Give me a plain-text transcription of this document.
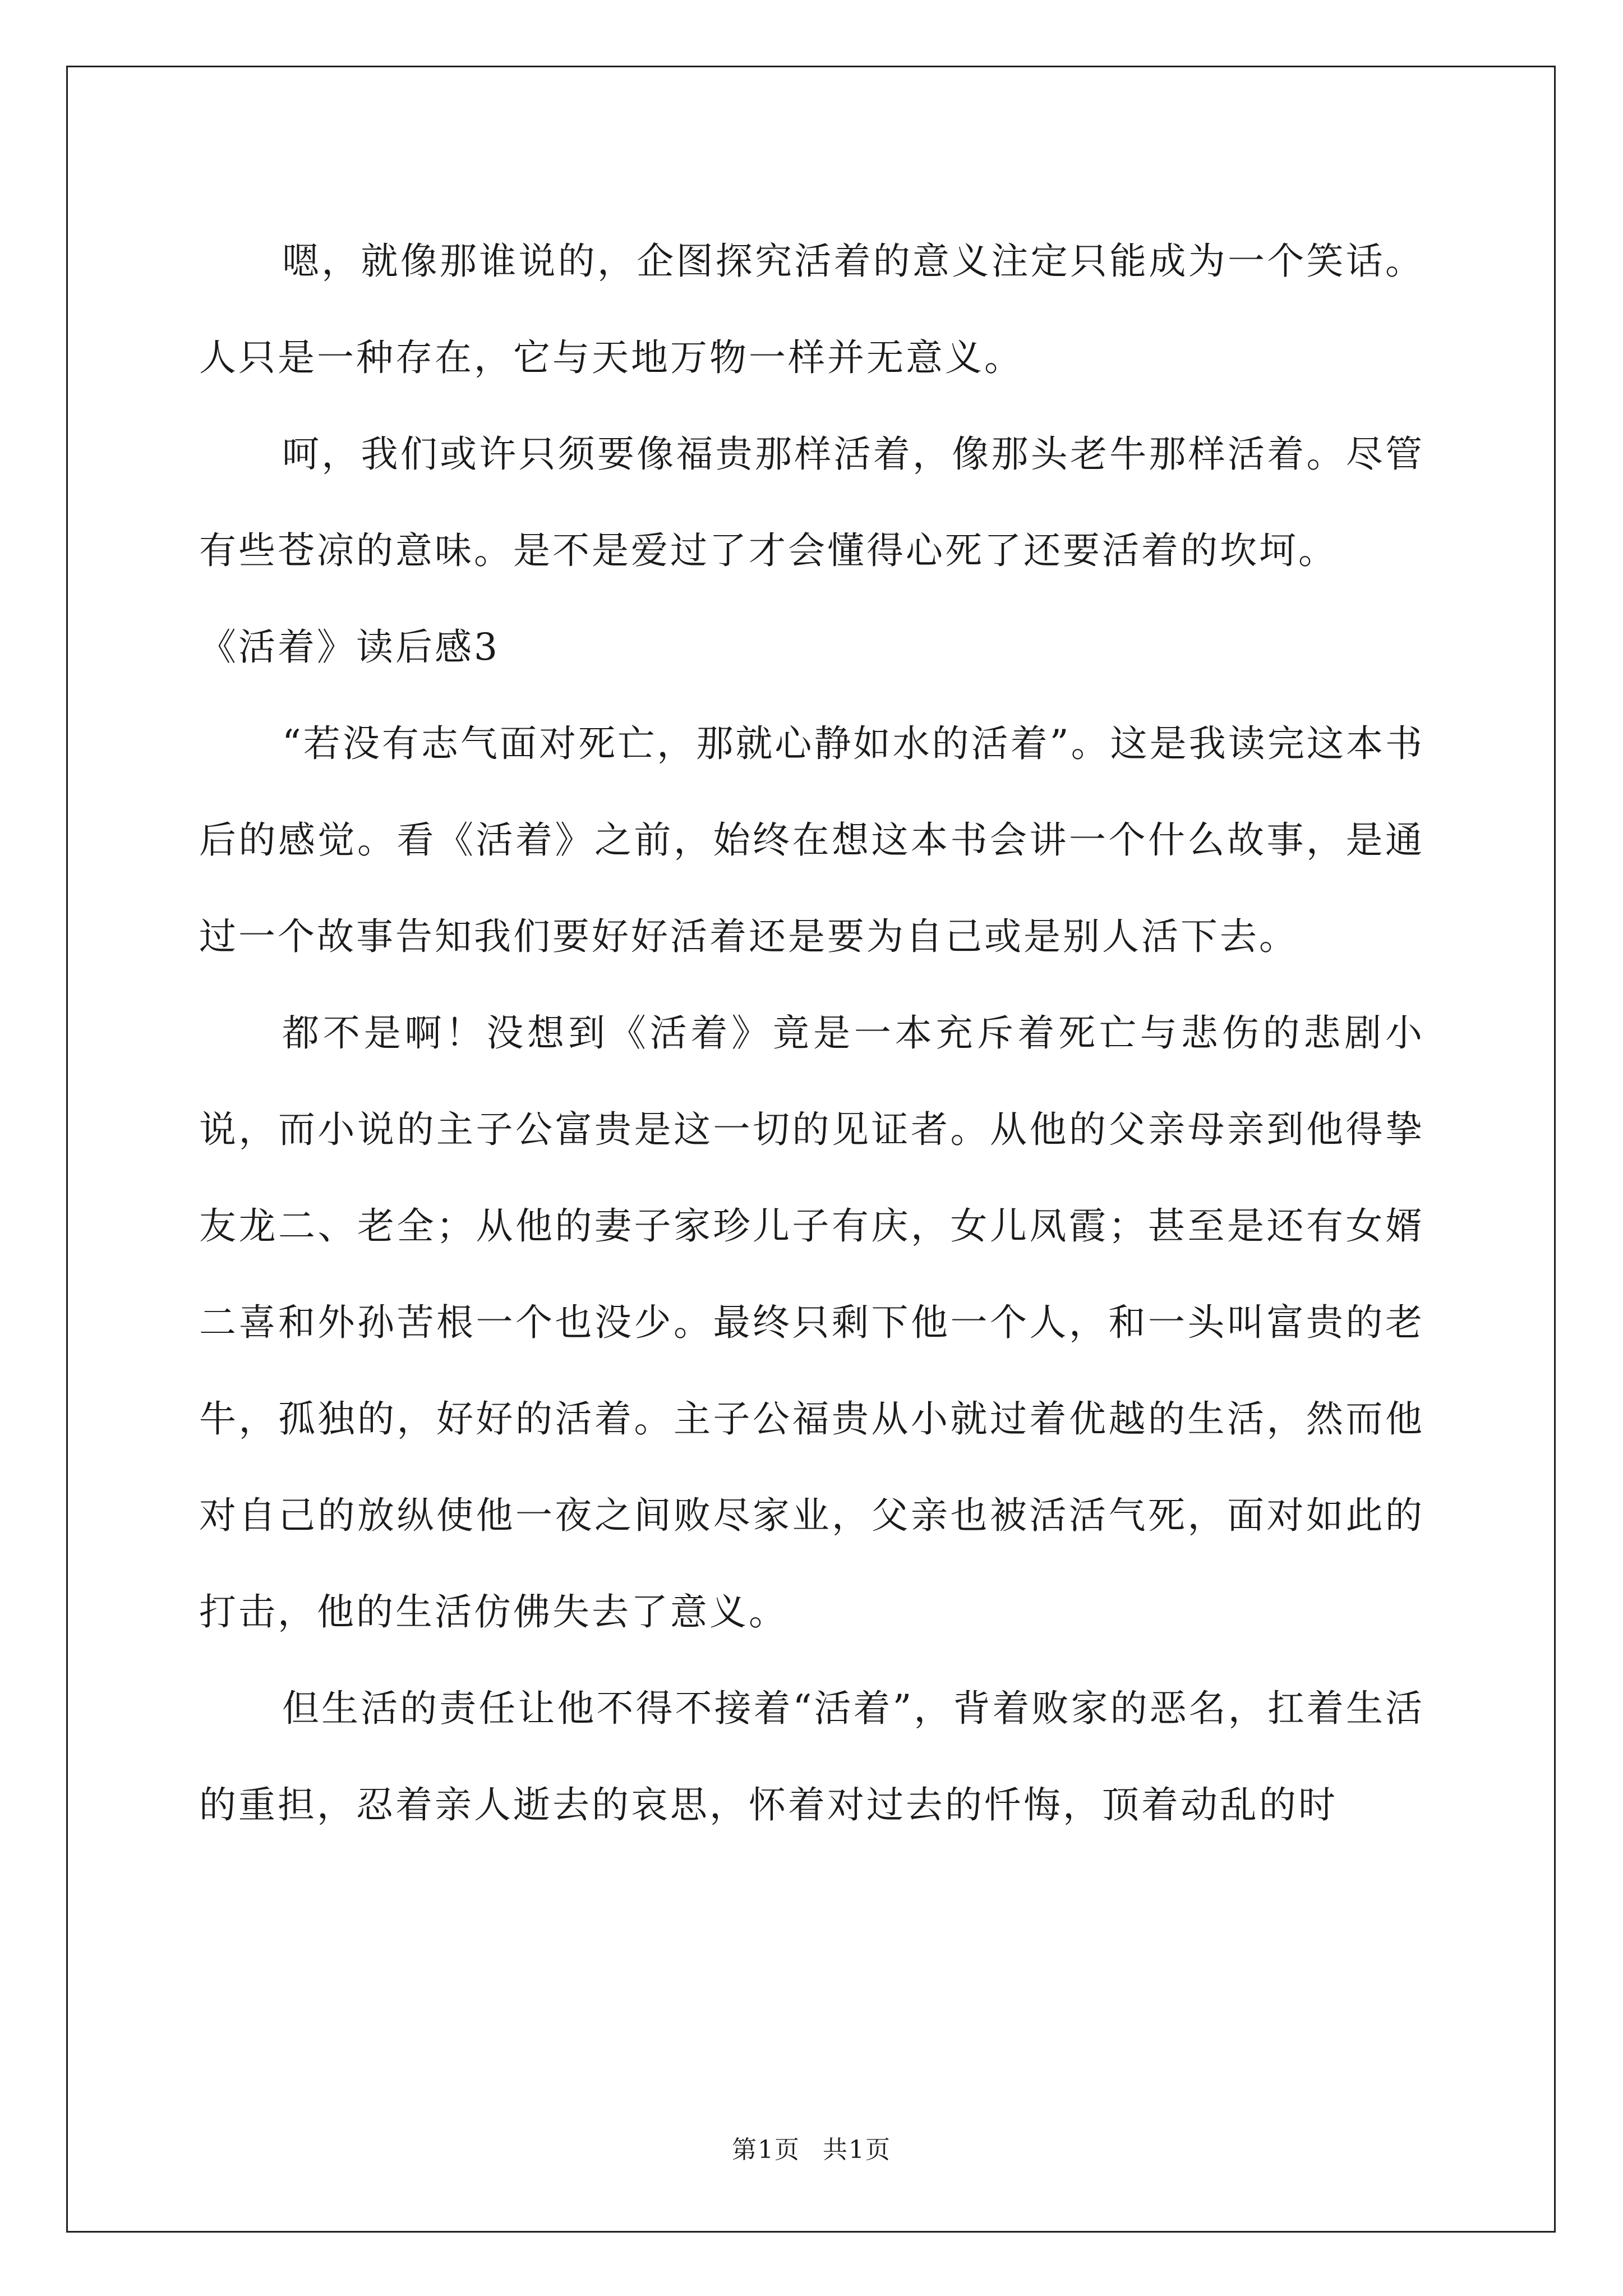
嗯，就像那谁说的，企图探究活着的意义注定只能成为一个笑话。人只是一种存在，它与天地万物一样并无意义。

呵，我们或许只须要像福贵那样活着，像那头老牛那样活着。尽管有些苍凉的意味。是不是爱过了才会懂得心死了还要活着的坎坷。

《活着》读后感3

“若没有志气面对死亡，那就心静如水的活着”。这是我读完这本书后的感觉。看《活着》之前，始终在想这本书会讲一个什么故事，是通过一个故事告知我们要好好活着还是要为自己或是别人活下去。

都不是啊！没想到《活着》竟是一本充斥着死亡与悲伤的悲剧小说，而小说的主子公富贵是这一切的见证者。从他的父亲母亲到他得挚友龙二、老全；从他的妻子家珍儿子有庆，女儿凤霞；甚至是还有女婿二喜和外孙苦根一个也没少。最终只剩下他一个人，和一头叫富贵的老牛，孤独的，好好的活着。主子公福贵从小就过着优越的生活，然而他对自己的放纵使他一夜之间败尽家业，父亲也被活活气死，面对如此的打击，他的生活仿佛失去了意义。

但生活的责任让他不得不接着“活着”，背着败家的恶名，扛着生活的重担，忍着亲人逝去的哀思，怀着对过去的忏悔，顶着动乱的时

第1页 共1页
